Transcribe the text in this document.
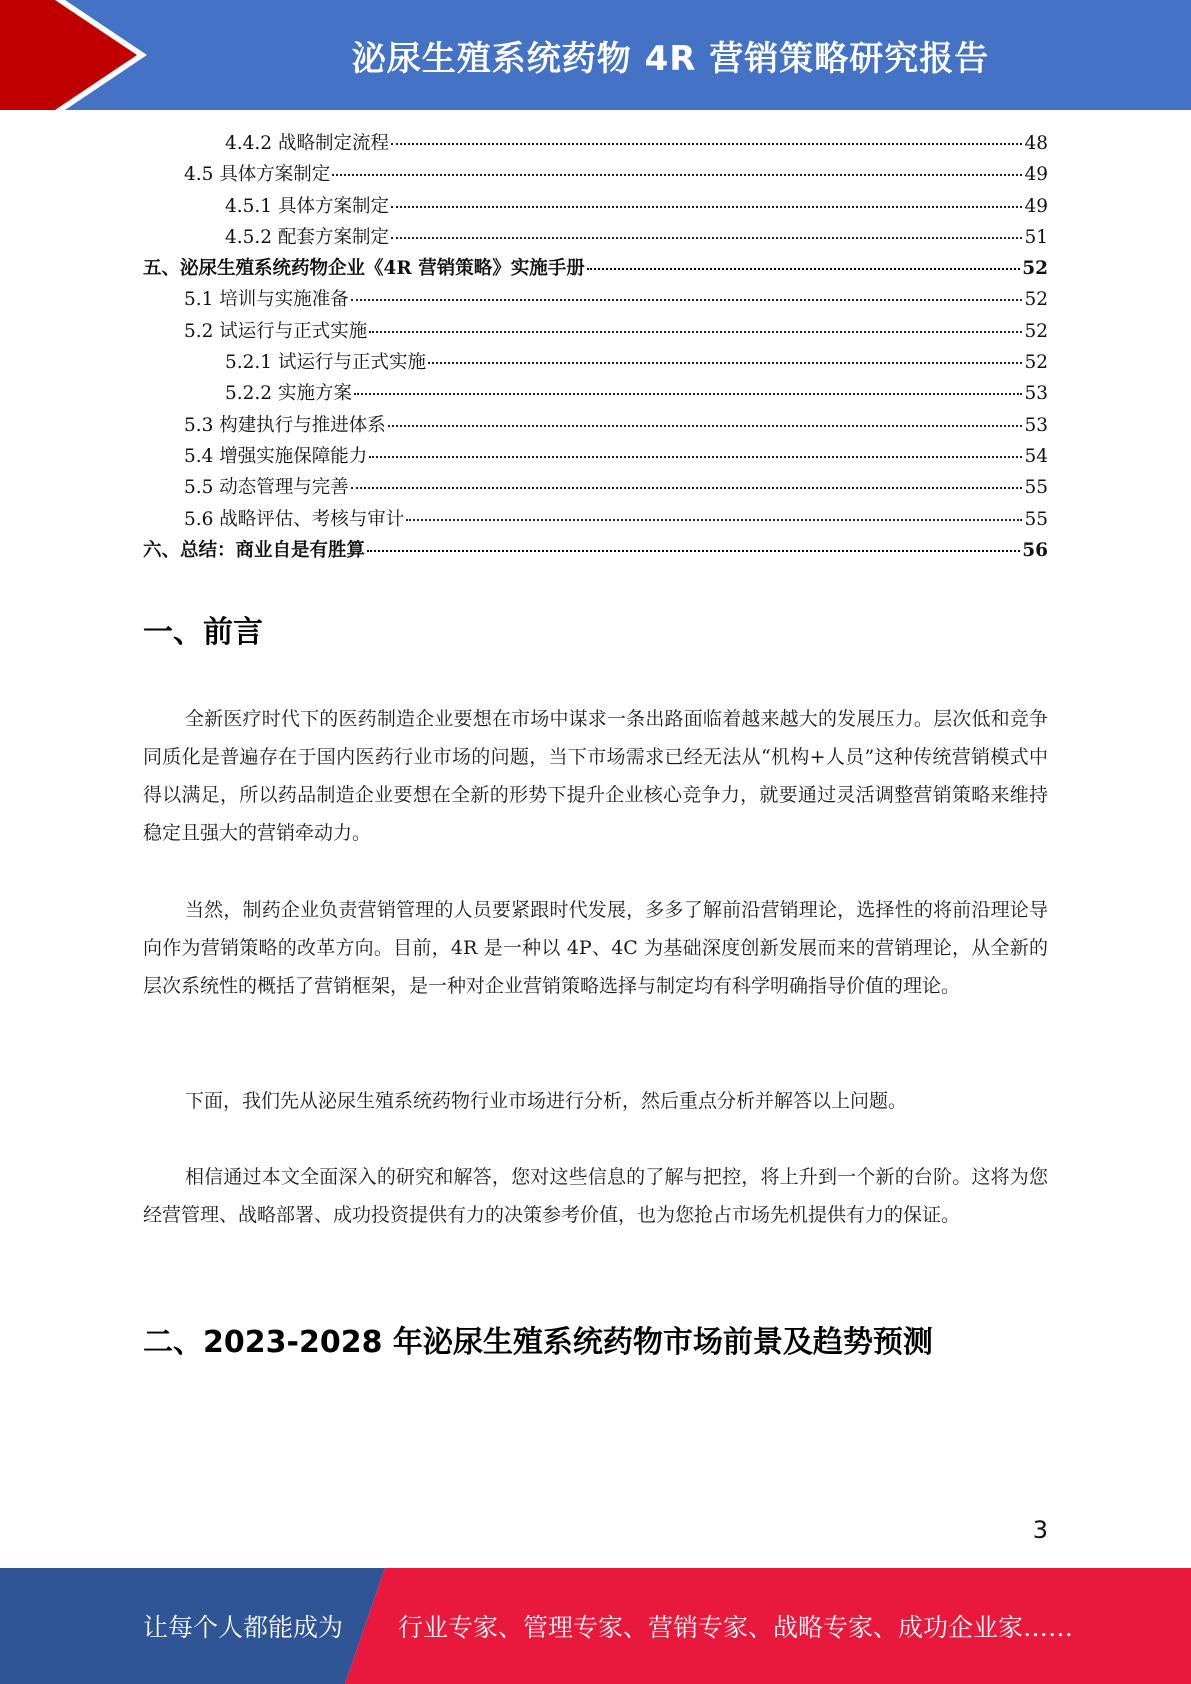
泌尿生殖系统药物 4R 营销策略研究报告
4.4.2 战略制定流程	48
4.5 具体方案制定	49
4.5.1 具体方案制定	49
4.5.2 配套方案制定	51
五、泌尿生殖系统药物企业《4R 营销策略》实施手册	52
5.1 培训与实施准备	52
5.2 试运行与正式实施	52
5.2.1 试运行与正式实施	52
5.2.2 实施方案	53
5.3 构建执行与推进体系	53
5.4 增强实施保障能力	54
5.5 动态管理与完善	55
5.6 战略评估、考核与审计	55
六、总结：商业自是有胜算	56
一、前言

全新医疗时代下的医药制造企业要想在市场中谋求一条出路面临着越来越大的发展压力。层次低和竞争同质化是普遍存在于国内医药行业市场的问题，当下市场需求已经无法从“机构+人员”这种传统营销模式中得以满足，所以药品制造企业要想在全新的形势下提升企业核心竞争力，就要通过灵活调整营销策略来维持稳定且强大的营销牵动力。

当然，制药企业负责营销管理的人员要紧跟时代发展，多多了解前沿营销理论，选择性的将前沿理论导向作为营销策略的改革方向。目前，4R 是一种以 4P、4C 为基础深度创新发展而来的营销理论，从全新的层次系统性的概括了营销框架，是一种对企业营销策略选择与制定均有科学明确指导价值的理论。

下面，我们先从泌尿生殖系统药物行业市场进行分析，然后重点分析并解答以上问题。

相信通过本文全面深入的研究和解答，您对这些信息的了解与把控，将上升到一个新的台阶。这将为您经营管理、战略部署、成功投资提供有力的决策参考价值，也为您抢占市场先机提供有力的保证。

二、2023-2028 年泌尿生殖系统药物市场前景及趋势预测
3
让每个人都能成为 行业专家、管理专家、营销专家、战略专家、成功企业家……
